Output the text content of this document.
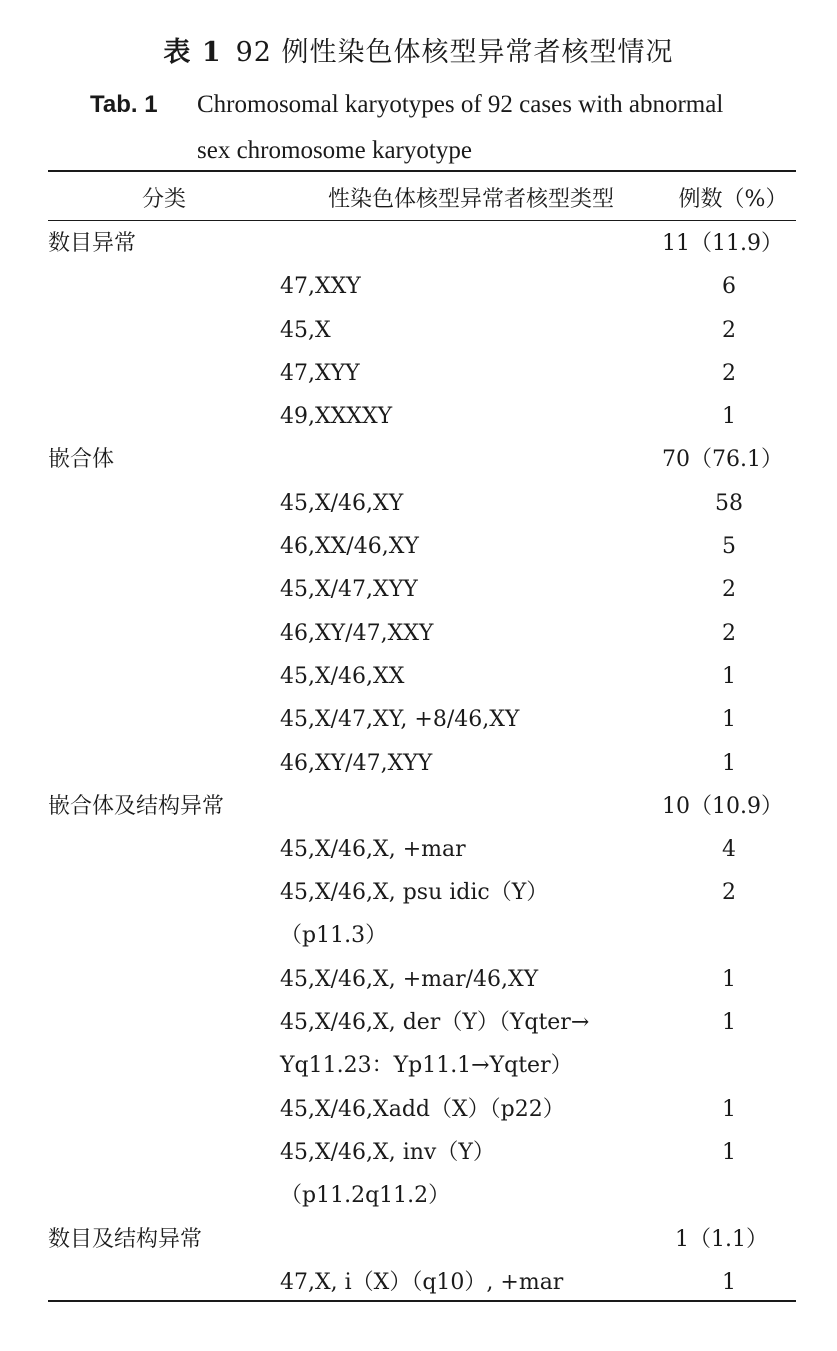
表 1 92 例性染色体核型异常者核型情况
Tab. 1 Chromosomal karyotypes of 92 cases with abnormal
sex chromosome karyotype
分类	性染色体核型异常者核型类型	例数（%）
数目异常		11（11.9）

	47,XXY	6

	45,X	2

	47,XYY	2

	49,XXXXY	1
嵌合体		70（76.1）

	45,X/46,XY	58

	46,XX/46,XY	5

	45,X/47,XYY	2

	46,XY/47,XXY	2

	45,X/46,XX	1

	45,X/47,XY, +8/46,XY	1

	46,XY/47,XYY	1
嵌合体及结构异常		10（10.9）

	45,X/46,X, +mar	4

	45,X/46,X, psu idic（Y）
（p11.3）	2

	45,X/46,X, +mar/46,XY	1

	45,X/46,X, der（Y）（Yqter→
Yq11.23：Yp11.1→Yqter）	1

	45,X/46,Xadd（X）（p22）	1

	45,X/46,X, inv（Y）
（p11.2q11.2）	1
数目及结构异常		1（1.1）

	47,X, i（X）（q10）, +mar	1
